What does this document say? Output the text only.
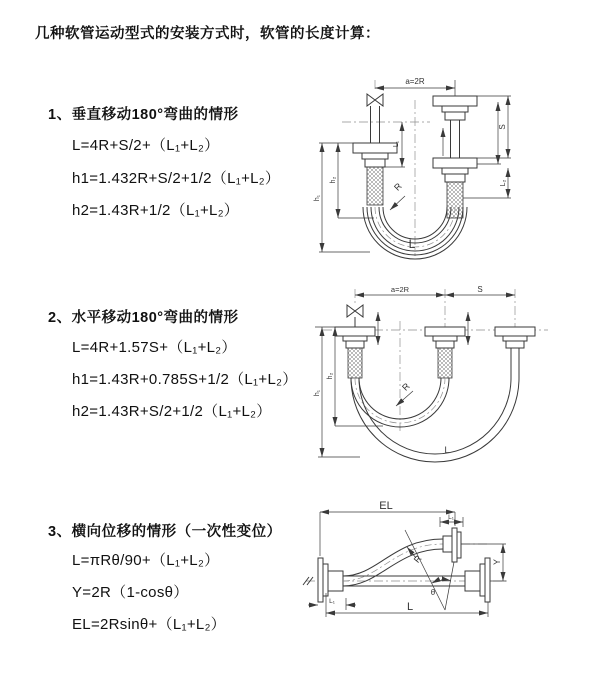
几种软管运动型式的安装方式时，软管的长度计算：
1、垂直移动180°弯曲的情形
L=4R+S/2+（L₁+L₂）
h1=1.432R+S/2+1/2（L₁+L₂）
h2=1.43R+1/2（L₁+L₂）
2、水平移动180°弯曲的情形
L=4R+1.57S+（L₁+L₂）
h1=1.43R+0.785S+1/2（L₁+L₂）
h2=1.43R+S/2+1/2（L₁+L₂）
3、横向位移的情形（一次性变位）
L=πRθ/90+（L₁+L₂）
Y=2R（1-cosθ）
EL=2Rsinθ+（L₁+L₂）
a=2R
L₁
S
L₂
h₁
h₂
R
L
a=2R	S
h₁
h₂
R
L
EL
L₁
Y
θ
R
L₁	L
